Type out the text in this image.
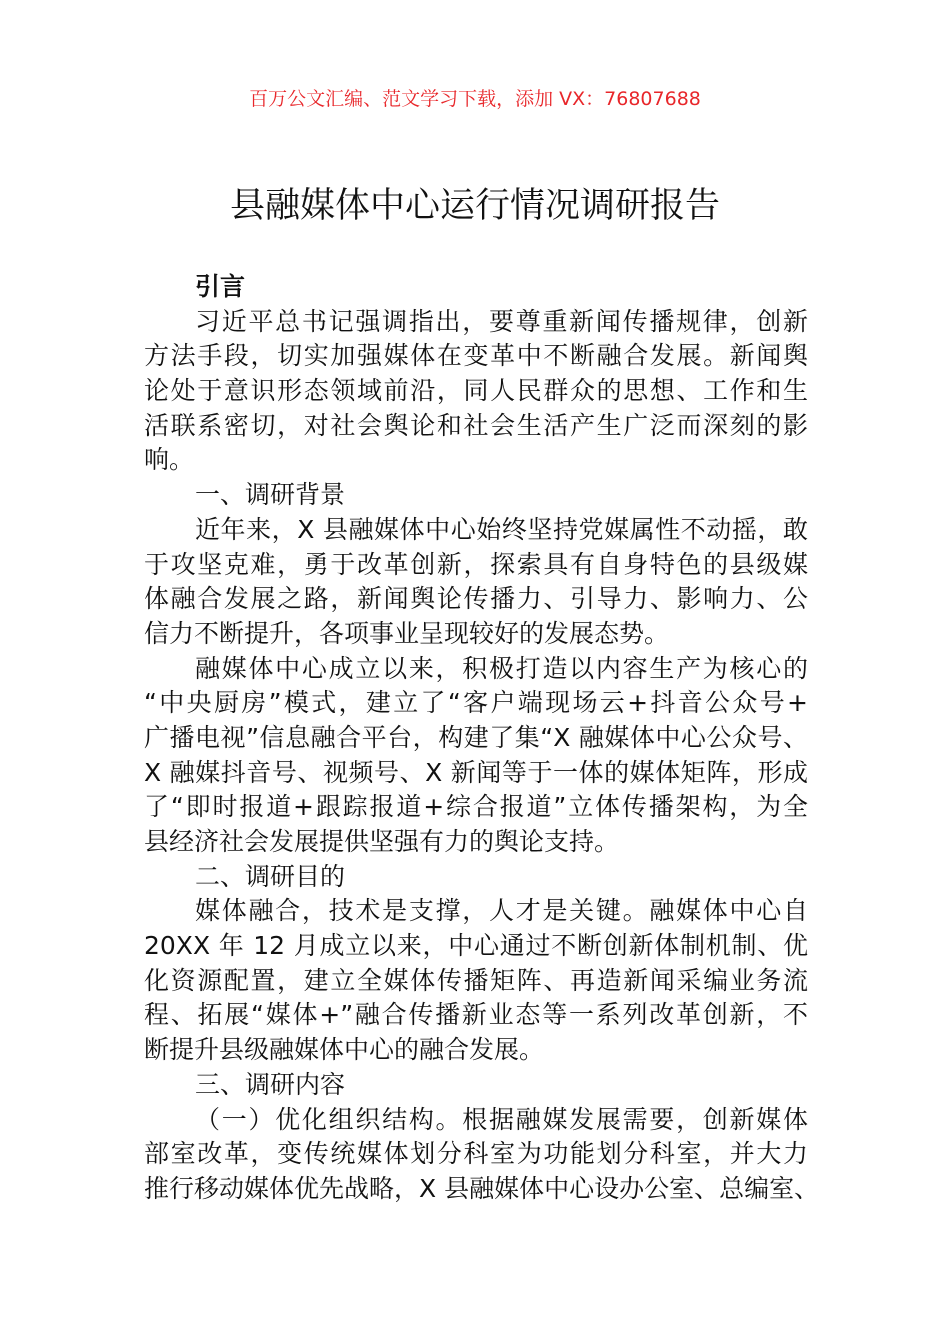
百万公文汇编、范文学习下载，添加 VX：76807688
县融媒体中心运行情况调研报告
引言
习近平总书记强调指出，要尊重新闻传播规律，创新
方法手段，切实加强媒体在变革中不断融合发展。新闻舆
论处于意识形态领域前沿，同人民群众的思想、工作和生
活联系密切，对社会舆论和社会生活产生广泛而深刻的影
响。
一、调研背景
近年来，X 县融媒体中心始终坚持党媒属性不动摇，敢
于攻坚克难，勇于改革创新，探索具有自身特色的县级媒
体融合发展之路，新闻舆论传播力、引导力、影响力、公
信力不断提升，各项事业呈现较好的发展态势。
融媒体中心成立以来，积极打造以内容生产为核心的
“中央厨房”模式，建立了“客户端现场云+抖音公众号+
广播电视”信息融合平台，构建了集“X 融媒体中心公众号、
X 融媒抖音号、视频号、X 新闻等于一体的媒体矩阵，形成
了“即时报道+跟踪报道+综合报道”立体传播架构，为全
县经济社会发展提供坚强有力的舆论支持。
二、调研目的
媒体融合，技术是支撑，人才是关键。融媒体中心自
20XX 年 12 月成立以来，中心通过不断创新体制机制、优
化资源配置，建立全媒体传播矩阵、再造新闻采编业务流
程、拓展“媒体+”融合传播新业态等一系列改革创新，不
断提升县级融媒体中心的融合发展。
三、调研内容
（一）优化组织结构。根据融媒发展需要，创新媒体
部室改革，变传统媒体划分科室为功能划分科室，并大力
推行移动媒体优先战略，X 县融媒体中心设办公室、总编室、
